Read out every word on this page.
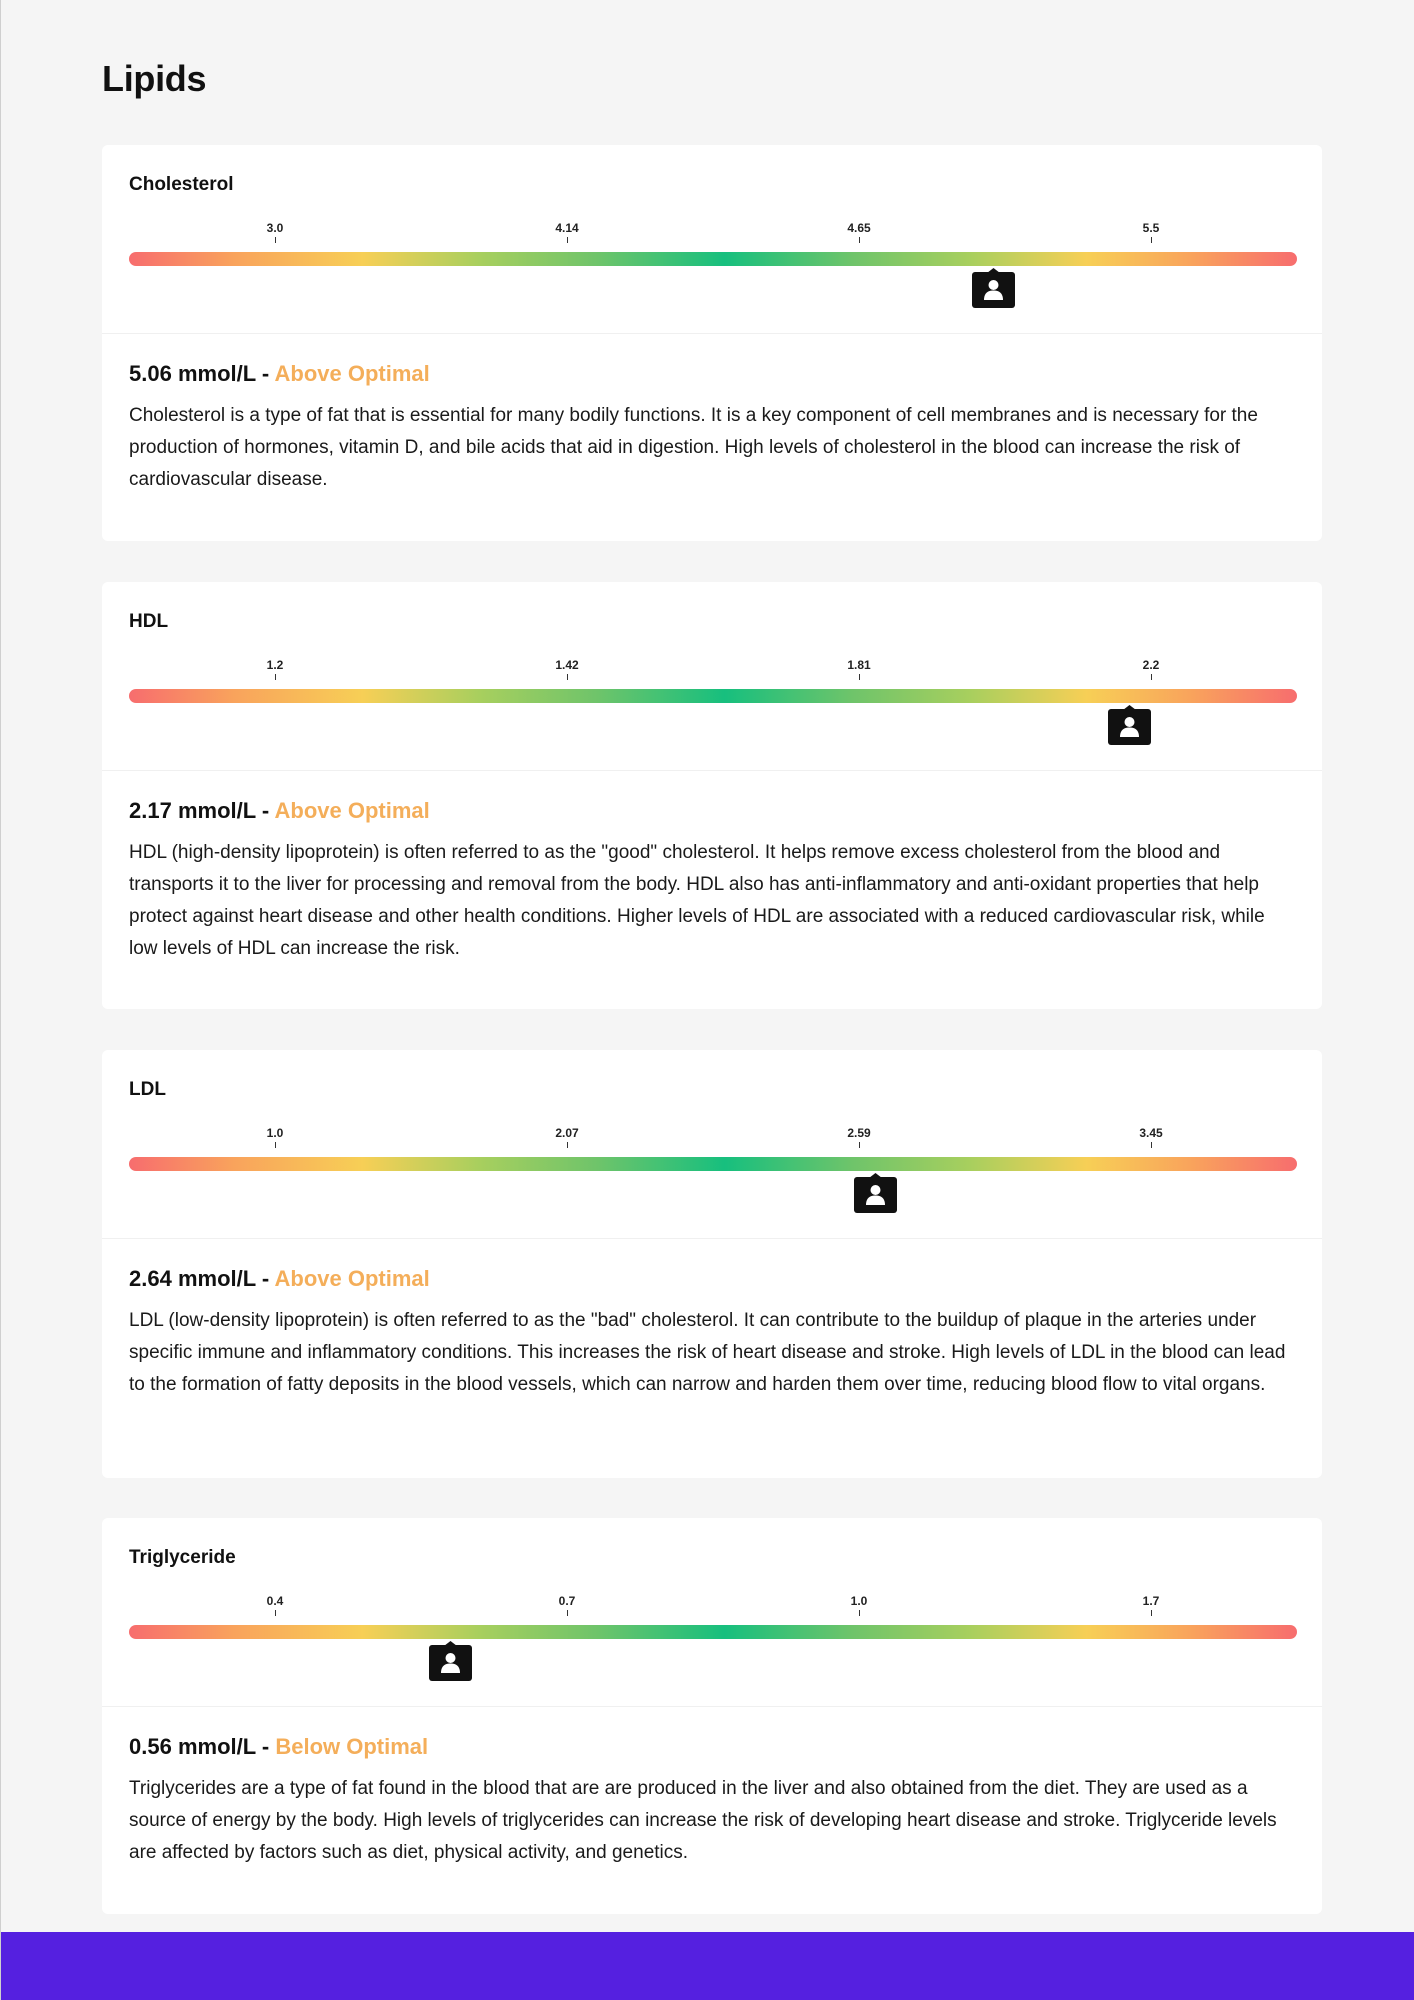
Lipids
Cholesterol
3.0	4.14	4.65	5.5

5.06 mmol/L - Above Optimal

Cholesterol is a type of fat that is essential for many bodily functions. It is a key component of cell membranes and is necessary for the production of hormones, vitamin D, and bile acids that aid in digestion. High levels of cholesterol in the blood can increase the risk of cardiovascular disease.

HDL
1.2	1.42	1.81	2.2

2.17 mmol/L - Above Optimal

HDL (high-density lipoprotein) is often referred to as the "good" cholesterol. It helps remove excess cholesterol from the blood and transports it to the liver for processing and removal from the body. HDL also has anti-inflammatory and anti-oxidant properties that help protect against heart disease and other health conditions. Higher levels of HDL are associated with a reduced cardiovascular risk, while low levels of HDL can increase the risk.

LDL
1.0	2.07	2.59	3.45

2.64 mmol/L - Above Optimal

LDL (low-density lipoprotein) is often referred to as the "bad" cholesterol. It can contribute to the buildup of plaque in the arteries under specific immune and inflammatory conditions. This increases the risk of heart disease and stroke. High levels of LDL in the blood can lead to the formation of fatty deposits in the blood vessels, which can narrow and harden them over time, reducing blood flow to vital organs.

Triglyceride
0.4	0.7	1.0	1.7

0.56 mmol/L - Below Optimal

Triglycerides are a type of fat found in the blood that are are produced in the liver and also obtained from the diet. They are used as a source of energy by the body. High levels of triglycerides can increase the risk of developing heart disease and stroke. Triglyceride levels are affected by factors such as diet, physical activity, and genetics.
